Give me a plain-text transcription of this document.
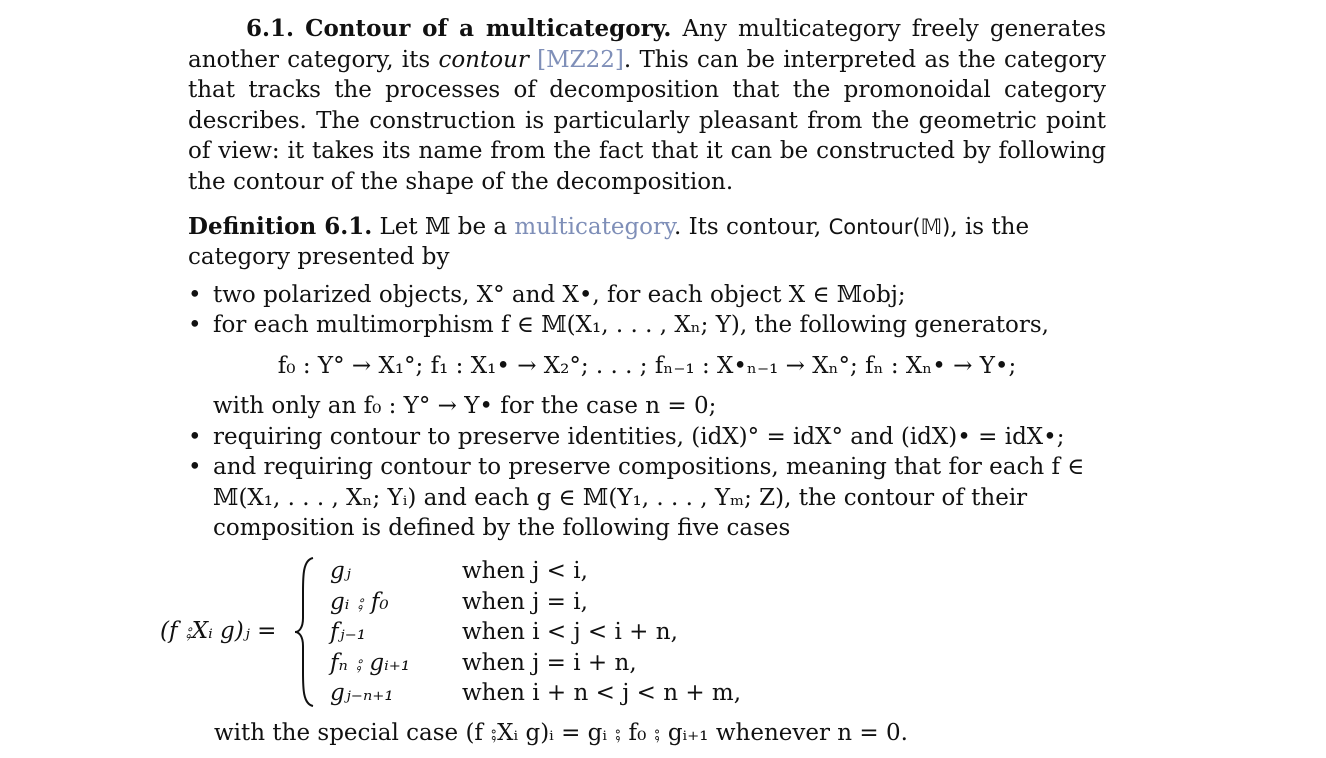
6.1. Contour of a multicategory. Any multicategory freely generates another category, its contour [MZ22]. This can be interpreted as the category that tracks the processes of decomposition that the promonoidal category describes. The construction is particularly pleasant from the geometric point of view: it takes its name from the fact that it can be constructed by following the contour of the shape of the decomposition.
Definition 6.1. Let 𝕄 be a multicategory. Its contour, Contour(𝕄), is the category presented by
• two polarized objects, X° and X•, for each object X ∈ 𝕄obj;
• for each multimorphism f ∈ 𝕄(X₁, . . . , Xₙ; Y), the following generators,
f₀ : Y° → X₁°; f₁ : X₁• → X₂°; . . . ; fₙ₋₁ : X•ₙ₋₁ → Xₙ°; fₙ : Xₙ• → Y•;
with only an f₀ : Y° → Y• for the case n = 0;
• requiring contour to preserve identities, (idX)° = idX° and (idX)• = idX•;
• and requiring contour to preserve compositions, meaning that for each f ∈ 𝕄(X₁, . . . , Xₙ; Yᵢ) and each g ∈ 𝕄(Y₁, . . . , Yₘ; Z), the contour of their composition is defined by the following five cases
(f ⨟Xᵢ g)ⱼ =
gⱼ	when j < i,
gᵢ ⨟ f₀	when j = i,
fⱼ₋₁	when i < j < i + n,
fₙ ⨟ gᵢ₊₁	when j = i + n,
gⱼ₋ₙ₊₁	when i + n < j < n + m,
with the special case (f ⨟Xᵢ g)ᵢ = gᵢ ⨟ f₀ ⨟ gᵢ₊₁ whenever n = 0.
